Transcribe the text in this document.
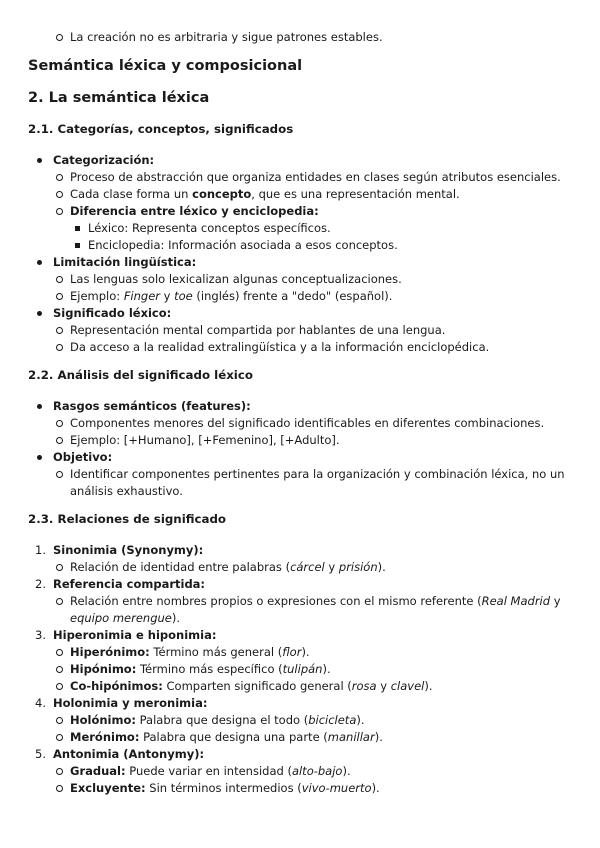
La creación no es arbitraria y sigue patrones estables.
Semántica léxica y composicional
2. La semántica léxica
2.1. Categorías, conceptos, significados
Categorización:
Proceso de abstracción que organiza entidades en clases según atributos esenciales.
Cada clase forma un concepto, que es una representación mental.
Diferencia entre léxico y enciclopedia:
Léxico: Representa conceptos específicos.
Enciclopedia: Información asociada a esos conceptos.
Limitación lingüística:
Las lenguas solo lexicalizan algunas conceptualizaciones.
Ejemplo: Finger y toe (inglés) frente a "dedo" (español).
Significado léxico:
Representación mental compartida por hablantes de una lengua.
Da acceso a la realidad extralingüística y a la información enciclopédica.
2.2. Análisis del significado léxico
Rasgos semánticos (features):
Componentes menores del significado identificables en diferentes combinaciones.
Ejemplo: [+Humano], [+Femenino], [+Adulto].
Objetivo:
Identificar componentes pertinentes para la organización y combinación léxica, no un
análisis exhaustivo.
2.3. Relaciones de significado
1. Sinonimia (Synonymy):
Relación de identidad entre palabras (cárcel y prisión).
2. Referencia compartida:
Relación entre nombres propios o expresiones con el mismo referente (Real Madrid y
equipo merengue).
3. Hiperonimia e hiponimia:
Hiperónimo: Término más general (flor).
Hipónimo: Término más específico (tulipán).
Co-hipónimos: Comparten significado general (rosa y clavel).
4. Holonimia y meronimia:
Holónimo: Palabra que designa el todo (bicicleta).
Merónimo: Palabra que designa una parte (manillar).
5. Antonimia (Antonymy):
Gradual: Puede variar en intensidad (alto-bajo).
Excluyente: Sin términos intermedios (vivo-muerto).
